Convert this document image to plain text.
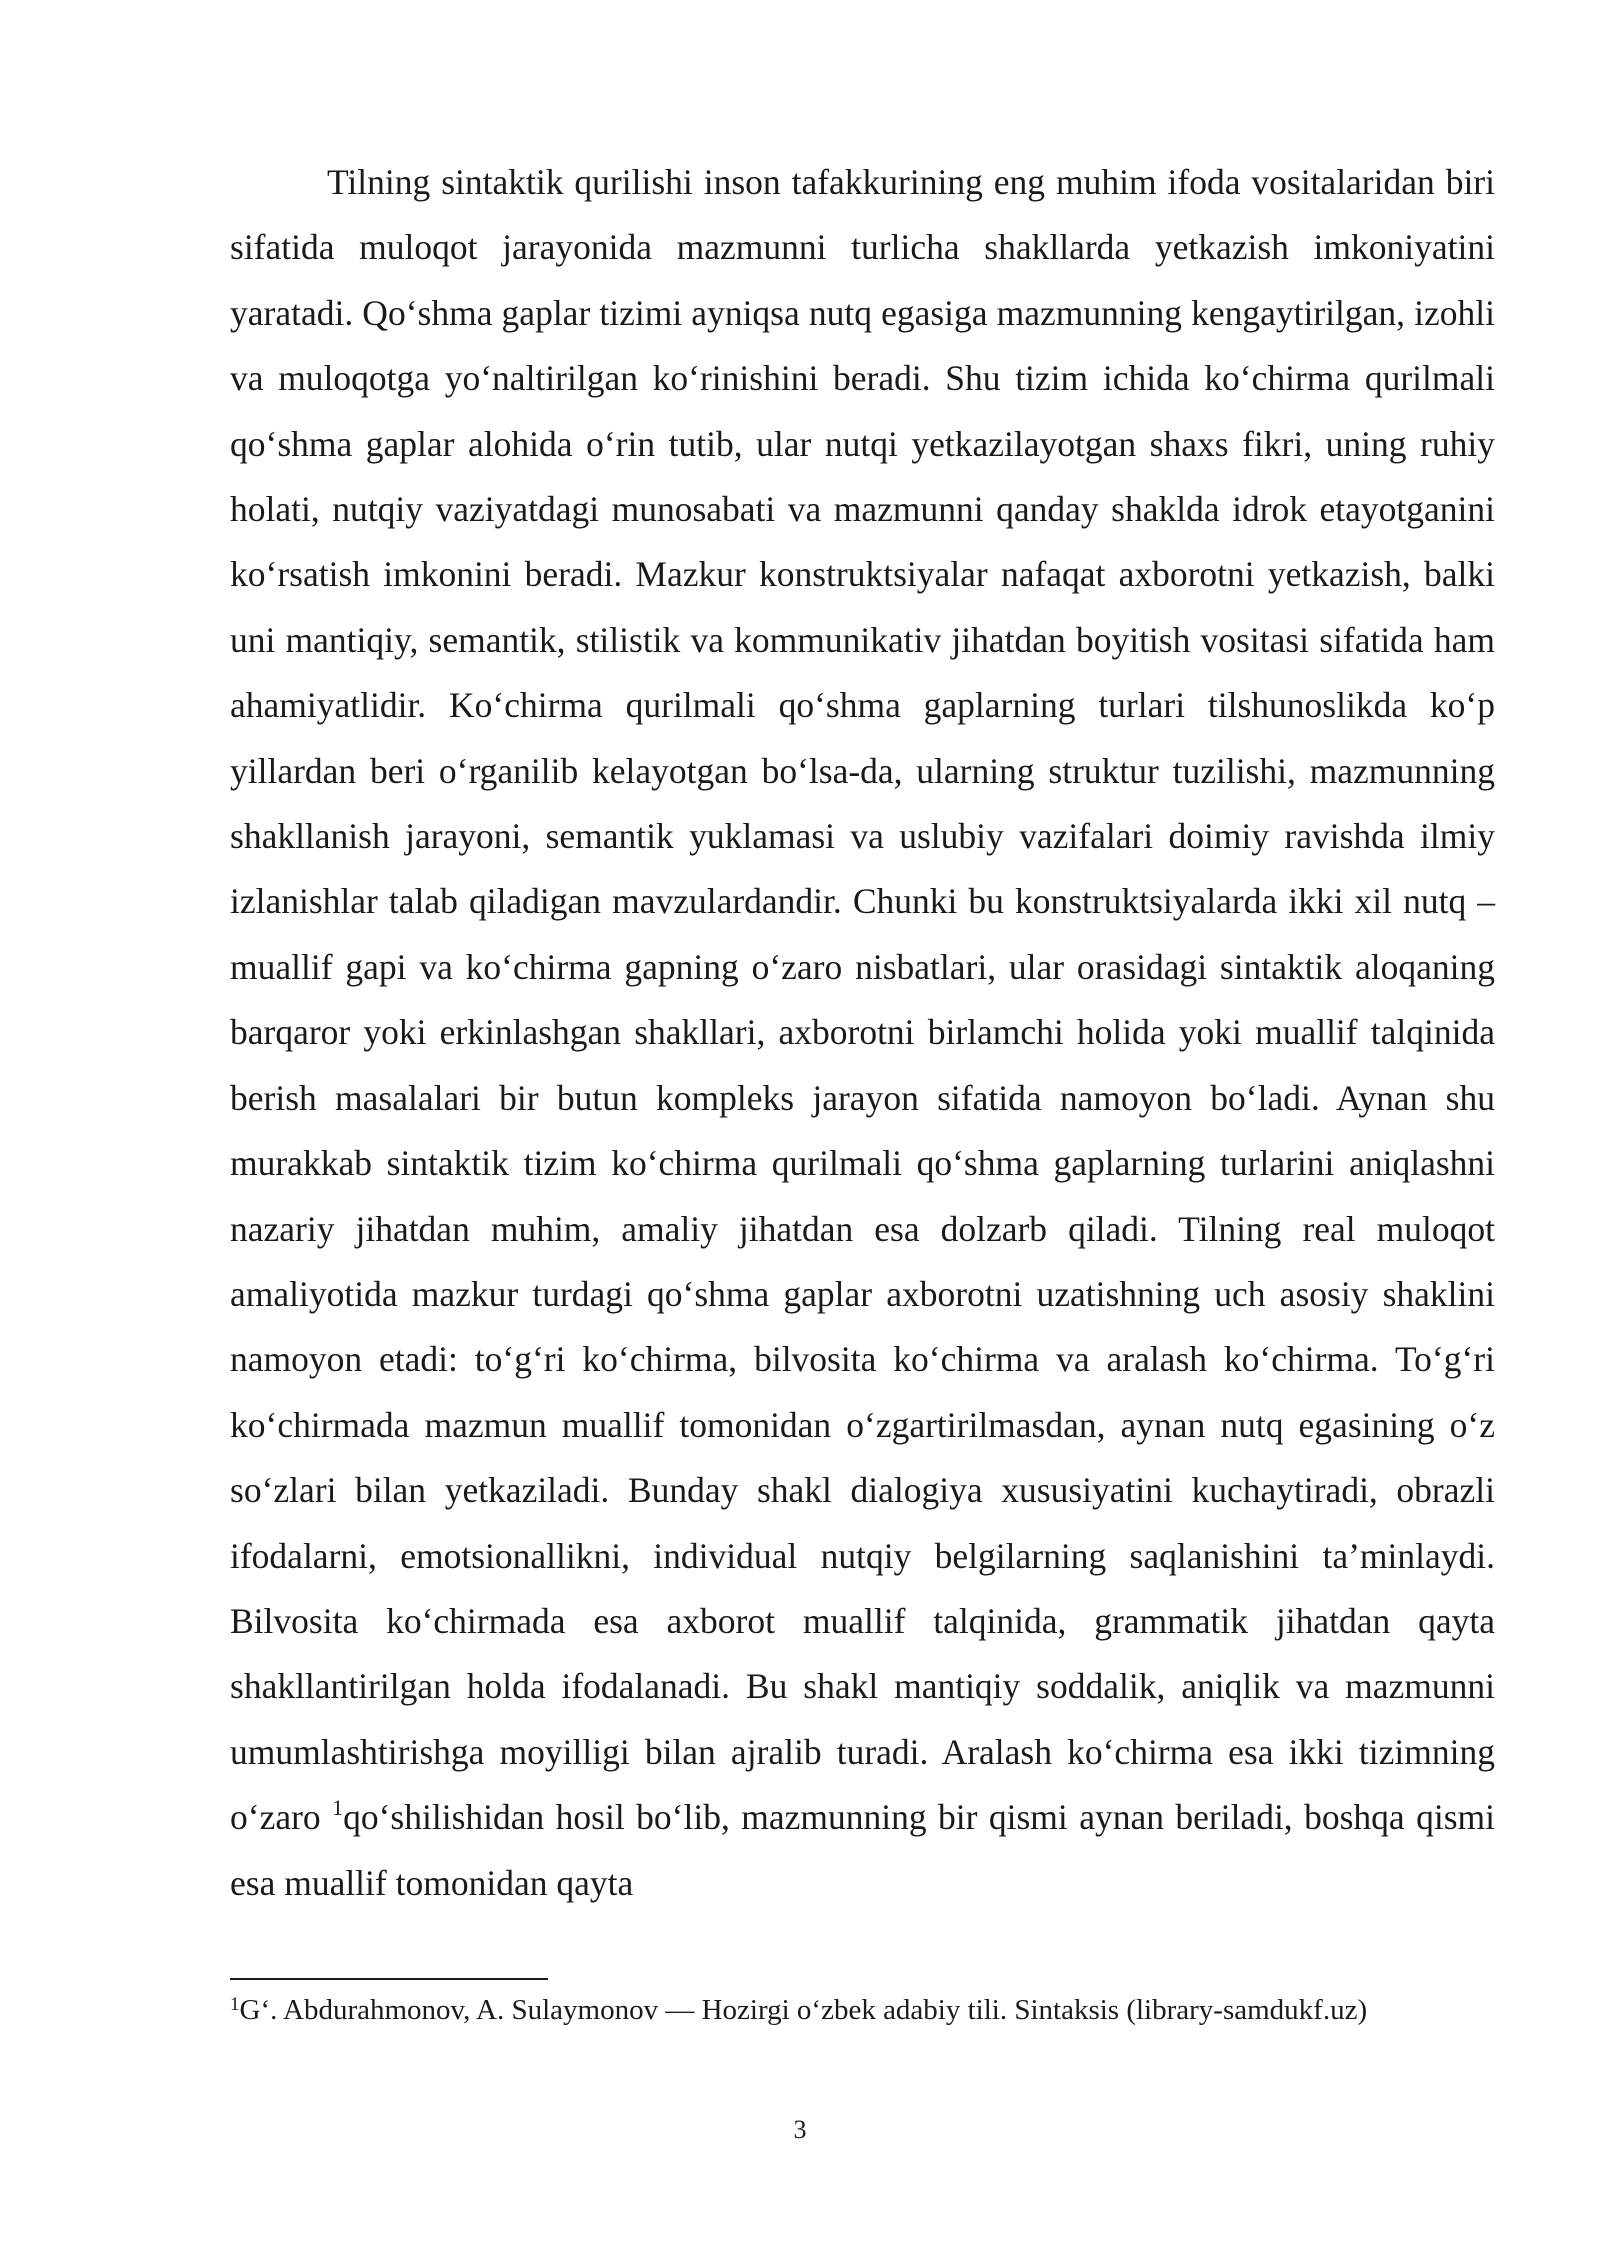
Tilning sintaktik qurilishi inson tafakkurining eng muhim ifoda vositalaridan biri sifatida muloqot jarayonida mazmunni turlicha shakllarda yetkazish imkoniyatini yaratadi. Qo‘shma gaplar tizimi ayniqsa nutq egasiga mazmunning kengaytirilgan, izohli va muloqotga yo‘naltirilgan ko‘rinishini beradi. Shu tizim ichida ko‘chirma qurilmali qo‘shma gaplar alohida o‘rin tutib, ular nutqi yetkazilayotgan shaxs fikri, uning ruhiy holati, nutqiy vaziyatdagi munosabati va mazmunni qanday shaklda idrok etayotganini ko‘rsatish imkonini beradi. Mazkur konstruktsiyalar nafaqat axborotni yetkazish, balki uni mantiqiy, semantik, stilistik va kommunikativ jihatdan boyitish vositasi sifatida ham ahamiyatlidir. Ko‘chirma qurilmali qo‘shma gaplarning turlari tilshunoslikda ko‘p yillardan beri o‘rganilib kelayotgan bo‘lsa-da, ularning struktur tuzilishi, mazmunning shakllanish jarayoni, semantik yuklamasi va uslubiy vazifalari doimiy ravishda ilmiy izlanishlar talab qiladigan mavzulardandir. Chunki bu konstruktsiyalarda ikki xil nutq – muallif gapi va ko‘chirma gapning o‘zaro nisbatlari, ular orasidagi sintaktik aloqaning barqaror yoki erkinlashgan shakllari, axborotni birlamchi holida yoki muallif talqinida berish masalalari bir butun kompleks jarayon sifatida namoyon bo‘ladi. Aynan shu murakkab sintaktik tizim ko‘chirma qurilmali qo‘shma gaplarning turlarini aniqlashni nazariy jihatdan muhim, amaliy jihatdan esa dolzarb qiladi. Tilning real muloqot amaliyotida mazkur turdagi qo‘shma gaplar axborotni uzatishning uch asosiy shaklini namoyon etadi: to‘g‘ri ko‘chirma, bilvosita ko‘chirma va aralash ko‘chirma. To‘g‘ri ko‘chirmada mazmun muallif tomonidan o‘zgartirilmasdan, aynan nutq egasining o‘z so‘zlari bilan yetkaziladi. Bunday shakl dialogiya xususiyatini kuchaytiradi, obrazli ifodalarni, emotsionallikni, individual nutqiy belgilarning saqlanishini ta’minlaydi. Bilvosita ko‘chirmada esa axborot muallif talqinida, grammatik jihatdan qayta shakllantirilgan holda ifodalanadi. Bu shakl mantiqiy soddalik, aniqlik va mazmunni umumlashtirishga moyilligi bilan ajralib turadi. Aralash ko‘chirma esa ikki tizimning o‘zaro $^1$qo‘shilishidan hosil bo‘lib, mazmunning bir qismi aynan beriladi, boshqa qismi esa muallif tomonidan qayta

$^1$G‘. Abdurahmonov, A. Sulaymonov — Hozirgi o‘zbek adabiy tili. Sintaksis (library-samdukf.uz)

3
